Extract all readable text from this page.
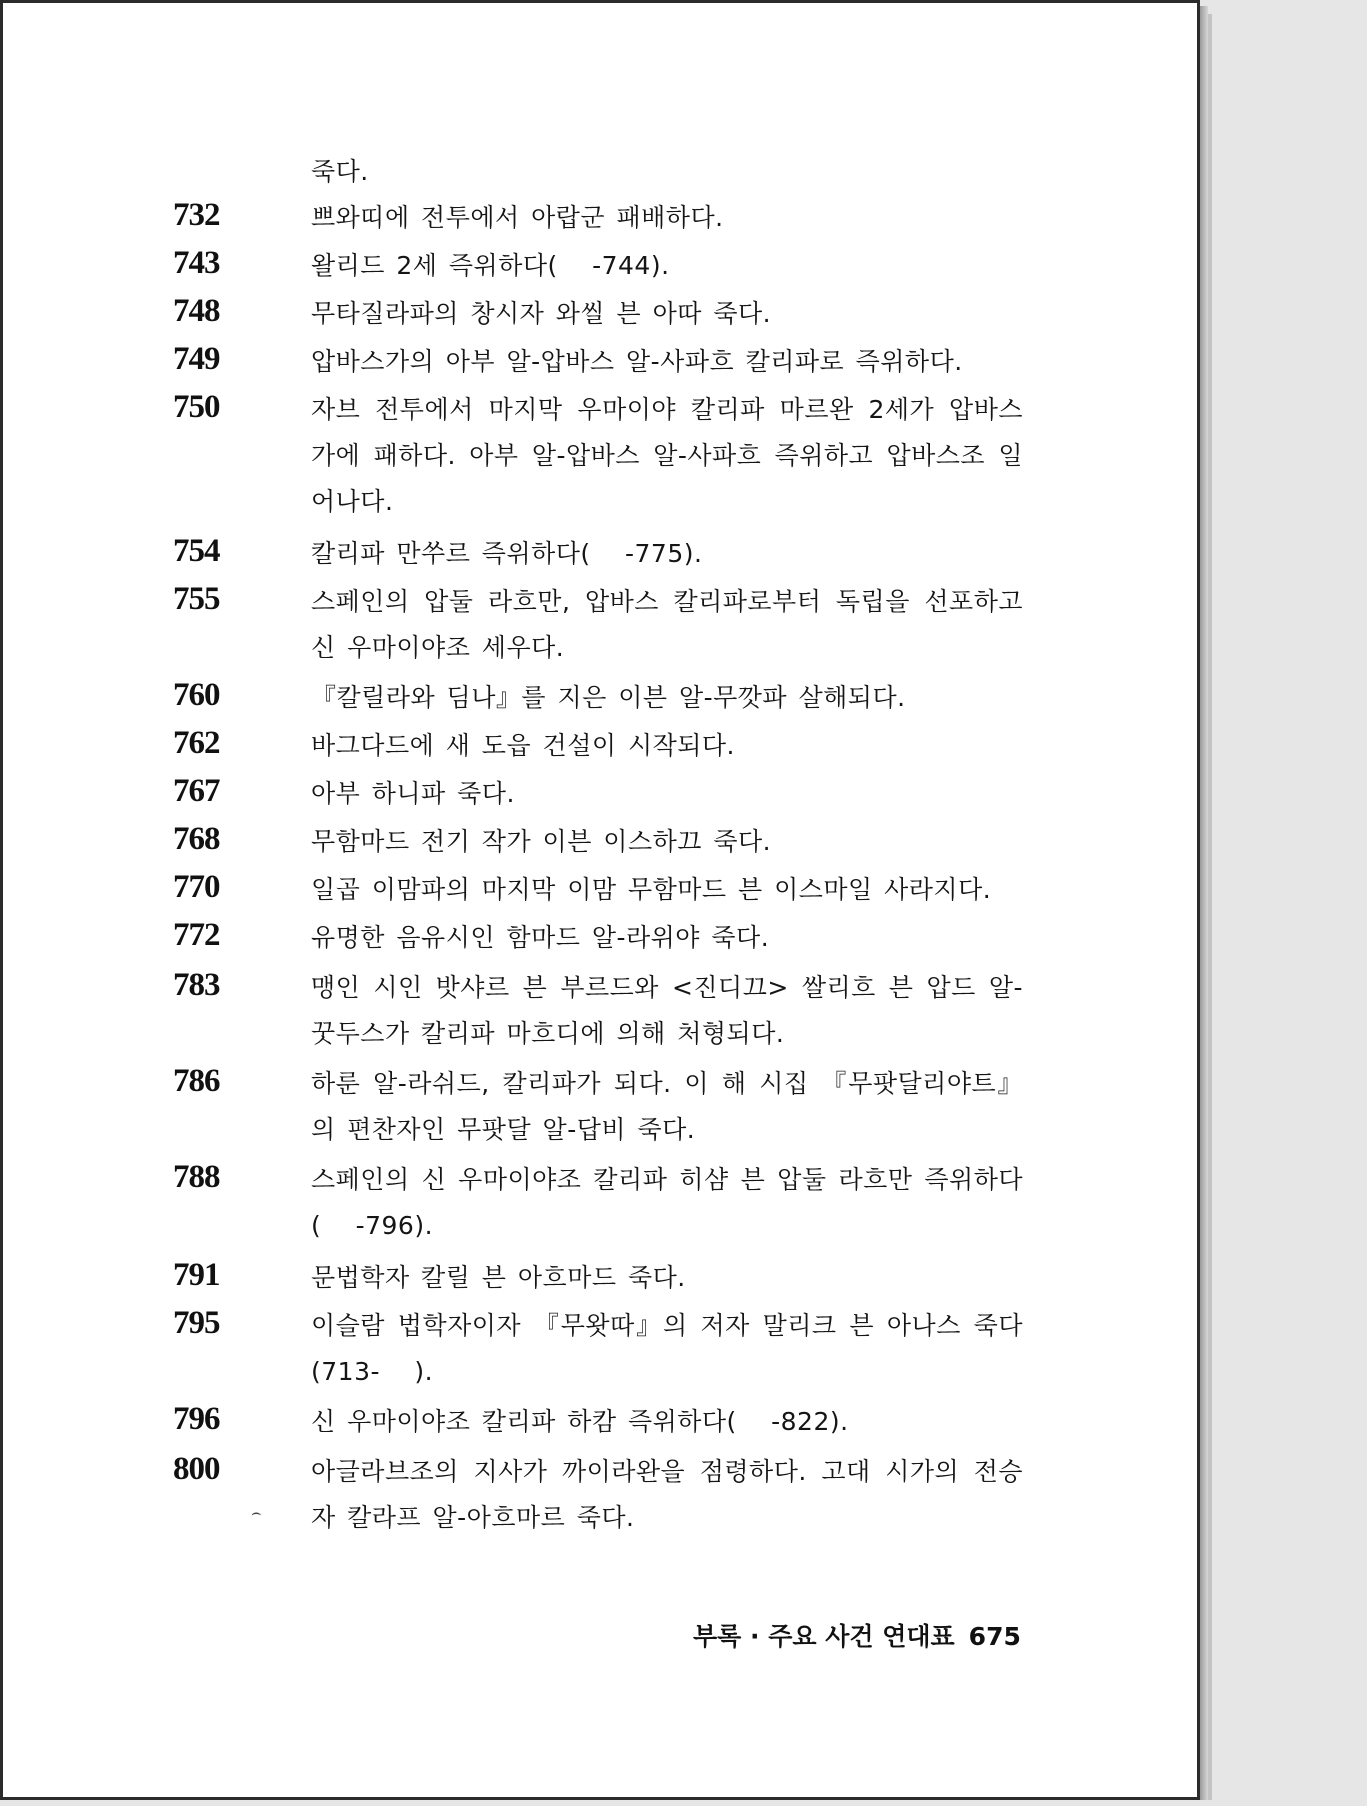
죽다.
732	쁘와띠에 전투에서 아랍군 패배하다.
743	왈리드 2세 즉위하다(   -744).
748	무타질라파의 창시자 와씰 븐 아따 죽다.
749	압바스가의 아부 알-압바스 알-사파흐 칼리파로 즉위하다.
750	자브 전투에서 마지막 우마이야 칼리파 마르완 2세가 압바스가에 패하다. 아부 알-압바스 알-사파흐 즉위하고 압바스조 일어나다.
754	칼리파 만쑤르 즉위하다(   -775).
755	스페인의 압둘 라흐만, 압바스 칼리파로부터 독립을 선포하고 신 우마이야조 세우다.
760	『칼릴라와 딤나』를 지은 이븐 알-무깟파 살해되다.
762	바그다드에 새 도읍 건설이 시작되다.
767	아부 하니파 죽다.
768	무함마드 전기 작가 이븐 이스하끄 죽다.
770	일곱 이맘파의 마지막 이맘 무함마드 븐 이스마일 사라지다.
772	유명한 음유시인 함마드 알-라위야 죽다.
783	맹인 시인 밧샤르 븐 부르드와 <진디끄> 쌀리흐 븐 압드 알-꿋두스가 칼리파 마흐디에 의해 처형되다.
786	하룬 알-라쉬드, 칼리파가 되다. 이 해 시집 『무팟달리야트』의 편찬자인 무팟달 알-답비 죽다.
788	스페인의 신 우마이야조 칼리파 히샴 븐 압둘 라흐만 즉위하다(   -796).
791	문법학자 칼릴 븐 아흐마드 죽다.
795	이슬람 법학자이자 『무왓따』의 저자 말리크 븐 아나스 죽다(713-   ).
796	신 우마이야조 칼리파 하캄 즉위하다(   -822).
800	아글라브조의 지사가 까이라완을 점령하다. 고대 시가의 전승자 칼라프 알-아흐마르 죽다.
⌢
부록 · 주요 사건 연대표 675
